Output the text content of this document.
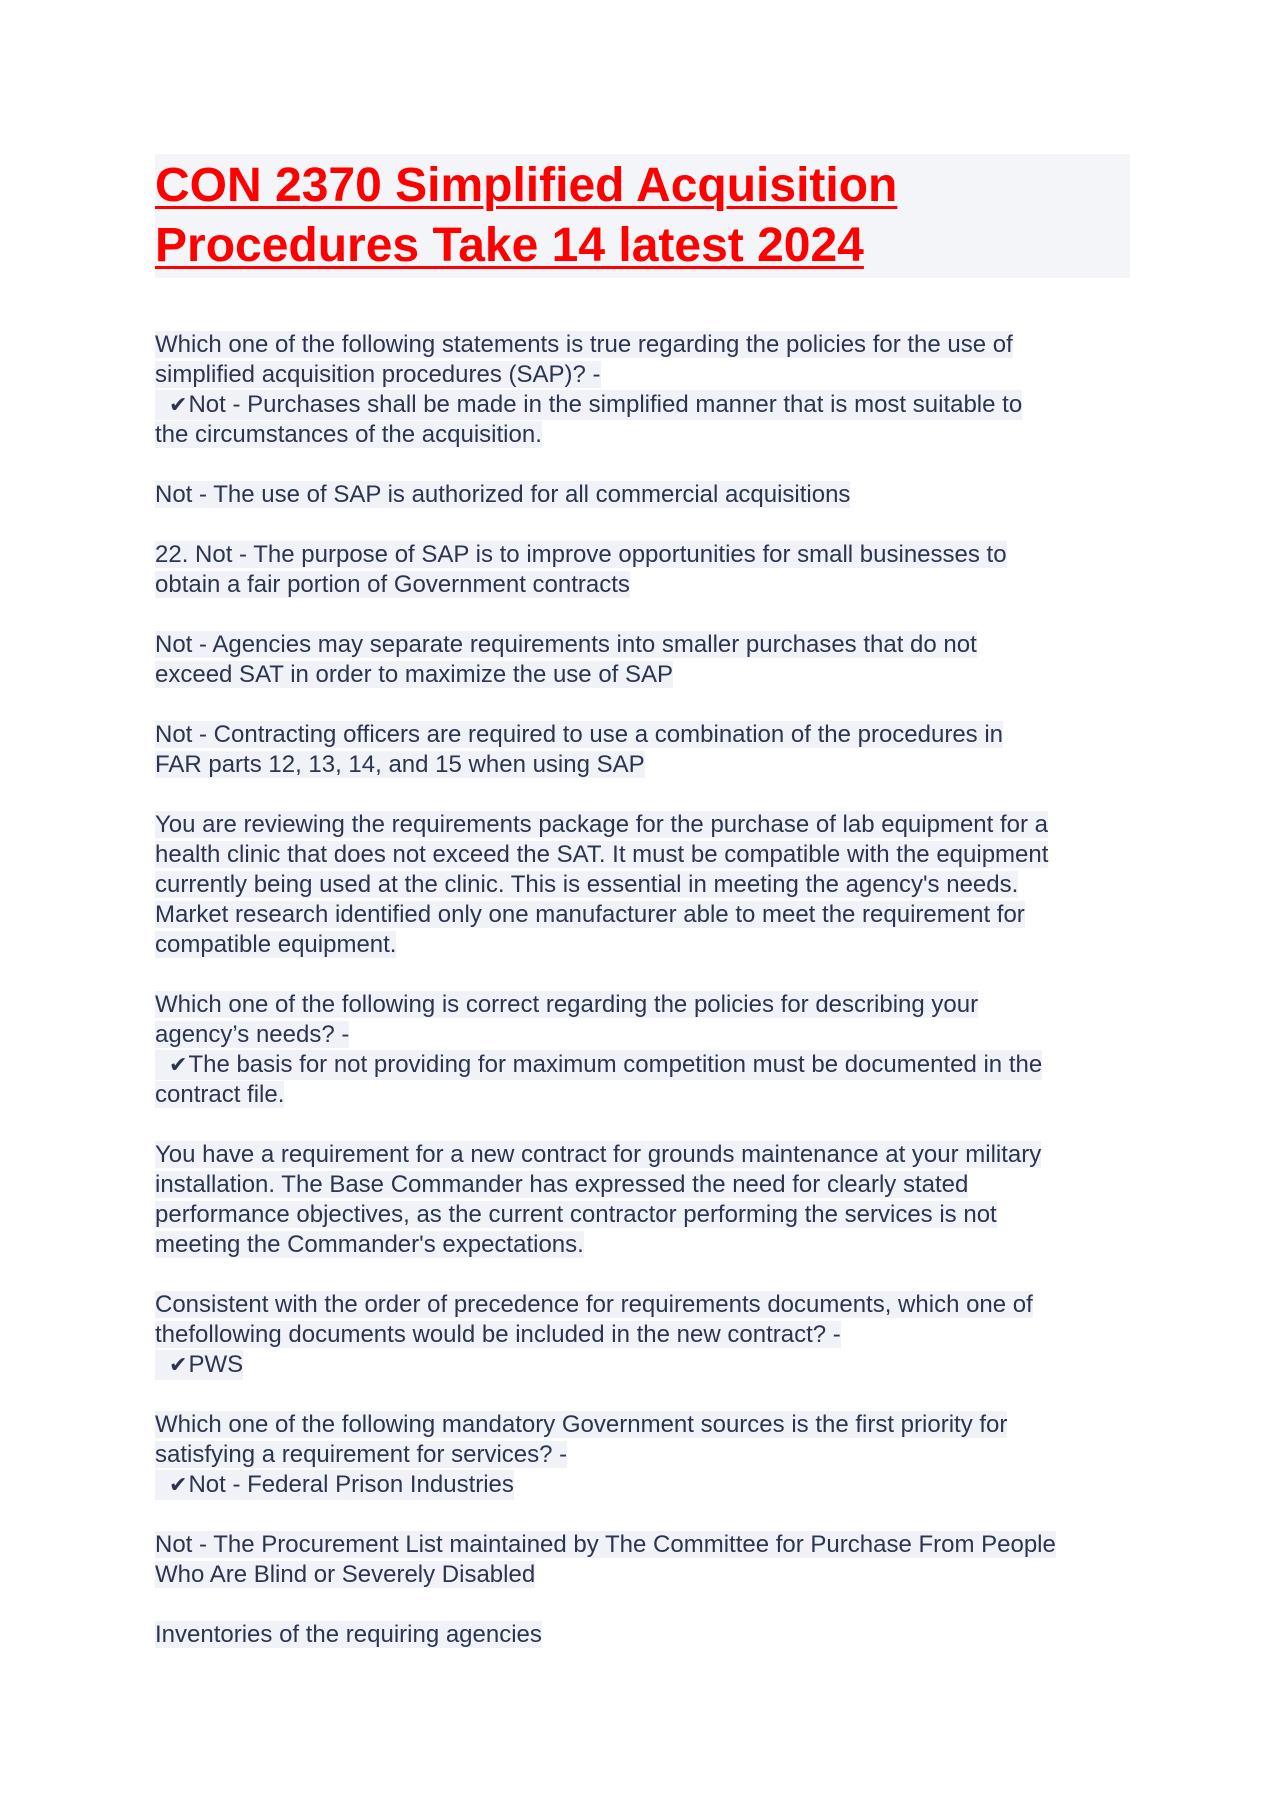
CON 2370 Simplified Acquisition
Procedures Take 14 latest 2024

Which one of the following statements is true regarding the policies for the use of
simplified acquisition procedures (SAP)? -
✔Not - Purchases shall be made in the simplified manner that is most suitable to
the circumstances of the acquisition.

Not - The use of SAP is authorized for all commercial acquisitions

22. Not - The purpose of SAP is to improve opportunities for small businesses to
obtain a fair portion of Government contracts

Not - Agencies may separate requirements into smaller purchases that do not
exceed SAT in order to maximize the use of SAP

Not - Contracting officers are required to use a combination of the procedures in
FAR parts 12, 13, 14, and 15 when using SAP

You are reviewing the requirements package for the purchase of lab equipment for a
health clinic that does not exceed the SAT. It must be compatible with the equipment
currently being used at the clinic. This is essential in meeting the agency's needs.
Market research identified only one manufacturer able to meet the requirement for
compatible equipment.

Which one of the following is correct regarding the policies for describing your
agency’s needs? -
✔The basis for not providing for maximum competition must be documented in the
contract file.

You have a requirement for a new contract for grounds maintenance at your military
installation. The Base Commander has expressed the need for clearly stated
performance objectives, as the current contractor performing the services is not
meeting the Commander's expectations.

Consistent with the order of precedence for requirements documents, which one of
thefollowing documents would be included in the new contract? -
✔PWS

Which one of the following mandatory Government sources is the first priority for
satisfying a requirement for services? -
✔Not - Federal Prison Industries

Not - The Procurement List maintained by The Committee for Purchase From People
Who Are Blind or Severely Disabled

Inventories of the requiring agencies
